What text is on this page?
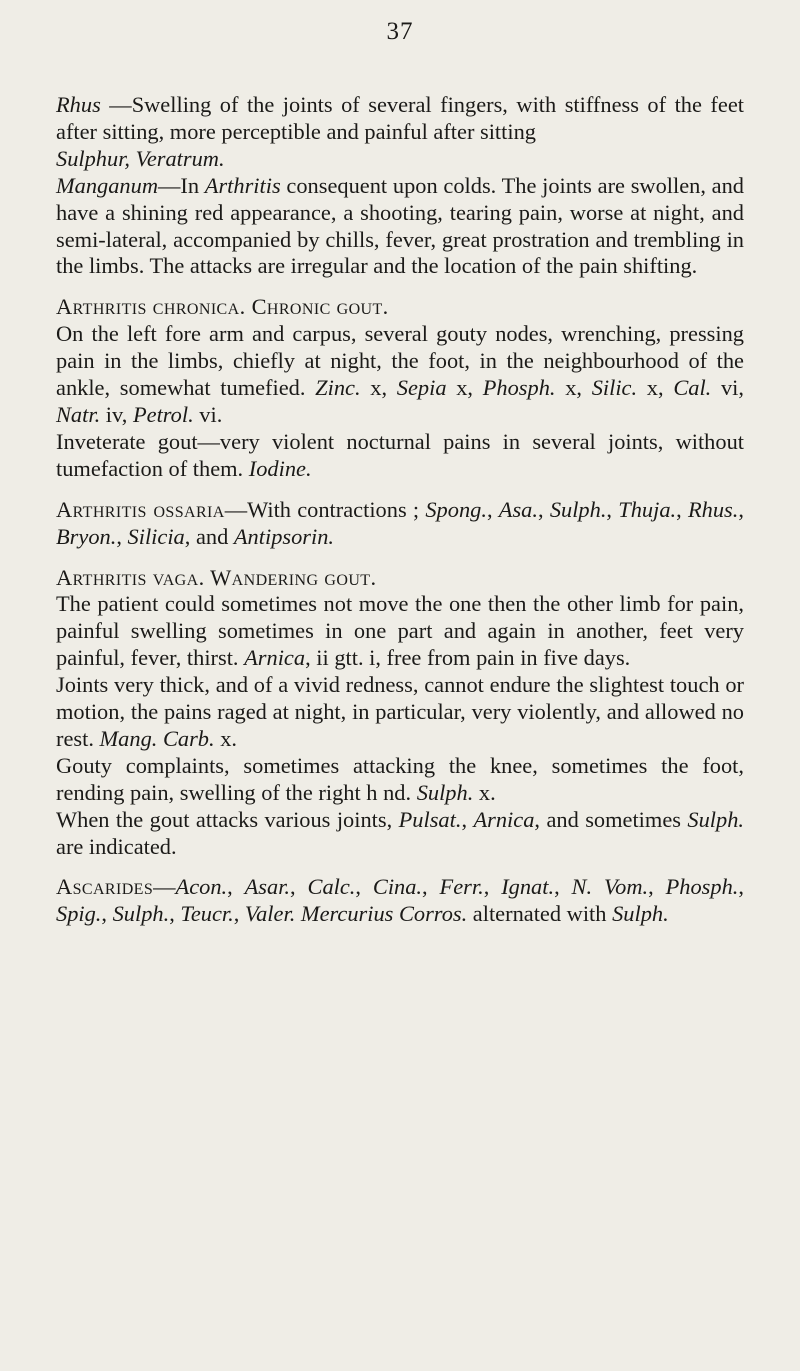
37

Rhus —Swelling of the joints of several fingers, with stiffness of the feet after sitting, more perceptible and painful after sitting

Sulphur, Veratrum.

Manganum—In Arthritis consequent upon colds. The joints are swollen, and have a shining red appearance, a shooting, tearing pain, worse at night, and semi-lateral, accompanied by chills, fever, great prostration and trembling in the limbs. The attacks are irregular and the location of the pain shifting.

Arthritis chronica. Chronic gout.

On the left fore arm and carpus, several gouty nodes, wrenching, pressing pain in the limbs, chiefly at night, the foot, in the neighbourhood of the ankle, somewhat tumefied. Zinc. x, Sepia x, Phosph. x, Silic. x, Cal. vi, Natr. iv, Petrol. vi.

Inveterate gout—very violent nocturnal pains in several joints, without tumefaction of them. Iodine.

Arthritis ossaria—With contractions ; Spong., Asa., Sulph., Thuja., Rhus., Bryon., Silicia, and Antipsorin.

Arthritis vaga. Wandering gout.

The patient could sometimes not move the one then the other limb for pain, painful swelling sometimes in one part and again in another, feet very painful, fever, thirst. Arnica, ii gtt. i, free from pain in five days.

Joints very thick, and of a vivid redness, cannot endure the slightest touch or motion, the pains raged at night, in particular, very violently, and allowed no rest. Mang. Carb. x.

Gouty complaints, sometimes attacking the knee, sometimes the foot, rending pain, swelling of the right h nd. Sulph. x.

When the gout attacks various joints, Pulsat., Arnica, and sometimes Sulph. are indicated.

Ascarides—Acon., Asar., Calc., Cina., Ferr., Ignat., N. Vom., Phosph., Spig., Sulph., Teucr., Valer. Mercurius Corros. alternated with Sulph.
